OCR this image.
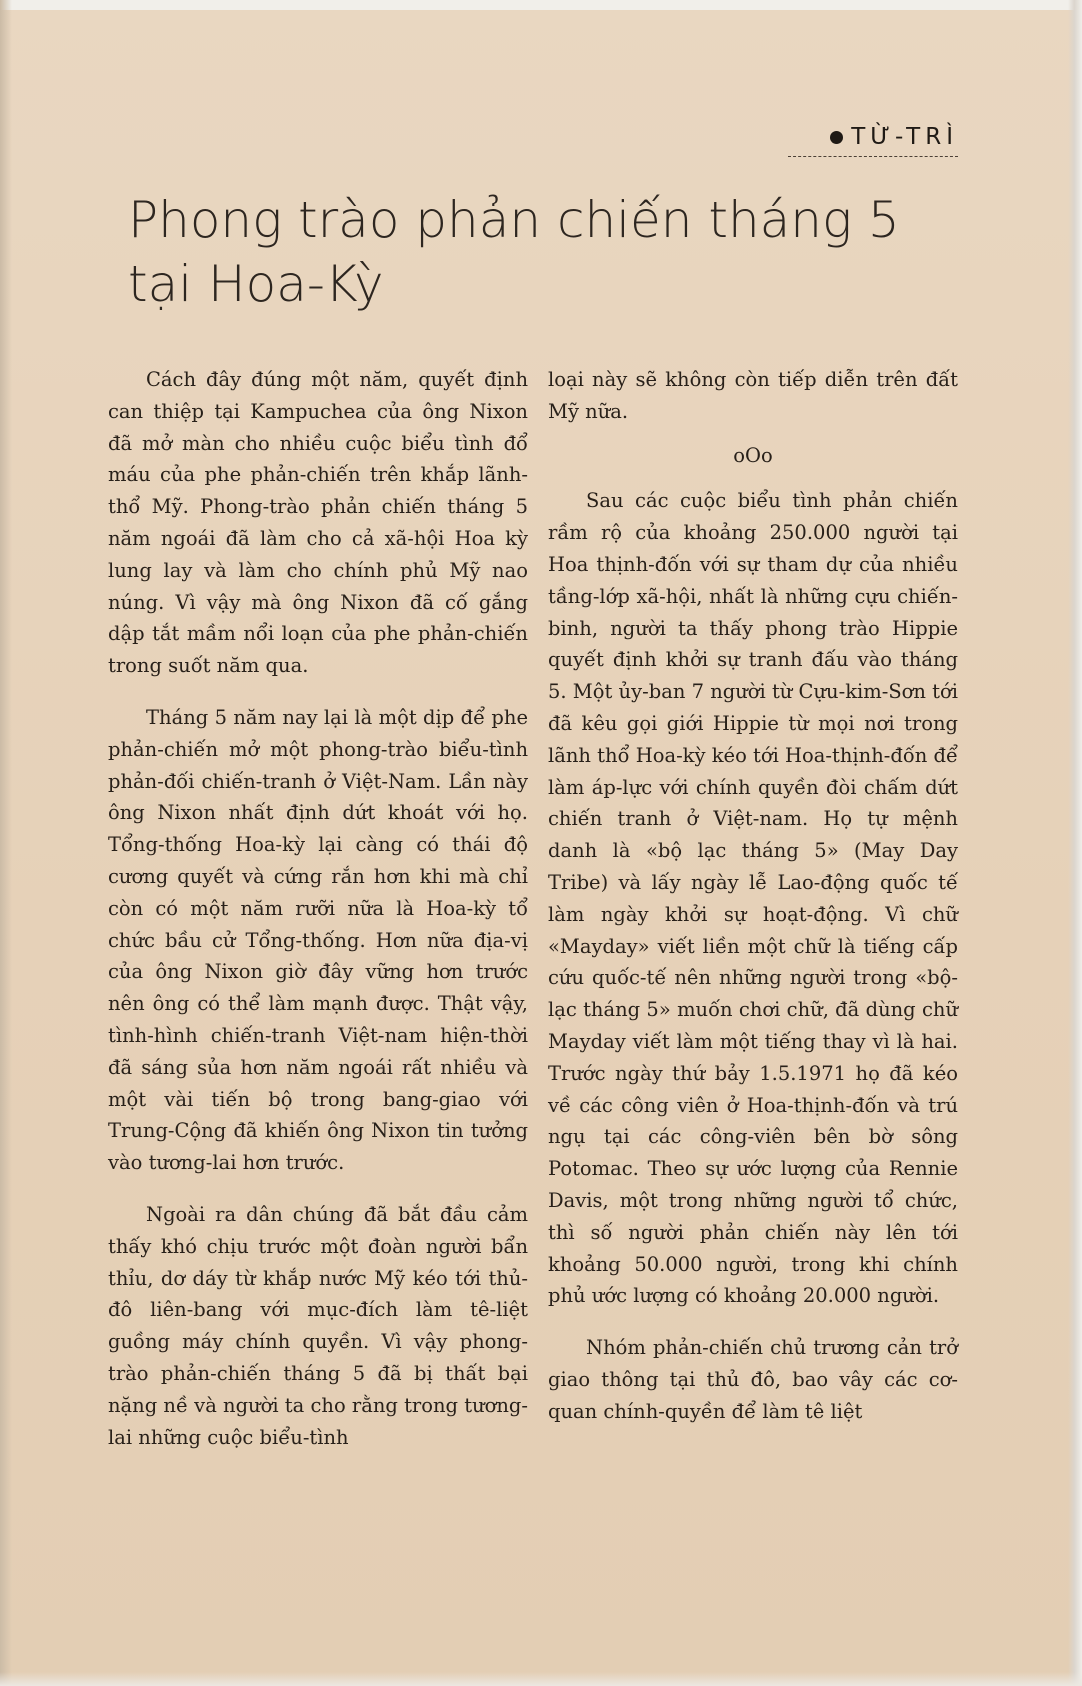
TỪ-TRÌ
Phong trào phản chiến tháng 5
tại Hoa-Kỳ

Cách đây đúng một năm, quyết định can thiệp tại Kampuchea của ông Nixon đã mở màn cho nhiều cuộc biểu tình đổ máu của phe phản-chiến trên khắp lãnh-thổ Mỹ. Phong-trào phản chiến tháng 5 năm ngoái đã làm cho cả xã-hội Hoa kỳ lung lay và làm cho chính phủ Mỹ nao núng. Vì vậy mà ông Nixon đã cố gắng dập tắt mầm nổi loạn của phe phản-chiến trong suốt năm qua.

Tháng 5 năm nay lại là một dịp để phe phản-chiến mở một phong-trào biểu-tình phản-đối chiến-tranh ở Việt-Nam. Lần này ông Nixon nhất định dứt khoát với họ. Tổng-thống Hoa-kỳ lại càng có thái độ cương quyết và cứng rắn hơn khi mà chỉ còn có một năm rưỡi nữa là Hoa-kỳ tổ chức bầu cử Tổng-thống. Hơn nữa địa-vị của ông Nixon giờ đây vững hơn trước nên ông có thể làm mạnh được. Thật vậy, tình-hình chiến-tranh Việt-nam hiện-thời đã sáng sủa hơn năm ngoái rất nhiều và một vài tiến bộ trong bang-giao với Trung-Cộng đã khiến ông Nixon tin tưởng vào tương-lai hơn trước.

Ngoài ra dân chúng đã bắt đầu cảm thấy khó chịu trước một đoàn người bẩn thỉu, dơ dáy từ khắp nước Mỹ kéo tới thủ-đô liên-bang với mục-đích làm tê-liệt guồng máy chính quyền. Vì vậy phong-trào phản-chiến tháng 5 đã bị thất bại nặng nề và người ta cho rằng trong tương-lai những cuộc biểu-tình

loại này sẽ không còn tiếp diễn trên đất Mỹ nữa.

oOo

Sau các cuộc biểu tình phản chiến rầm rộ của khoảng 250.000 người tại Hoa thịnh-đốn với sự tham dự của nhiều tầng-lớp xã-hội, nhất là những cựu chiến-binh, người ta thấy phong trào Hippie quyết định khởi sự tranh đấu vào tháng 5. Một ủy-ban 7 người từ Cựu-kim-Sơn tới đã kêu gọi giới Hippie từ mọi nơi trong lãnh thổ Hoa-kỳ kéo tới Hoa-thịnh-đốn để làm áp-lực với chính quyền đòi chấm dứt chiến tranh ở Việt-nam. Họ tự mệnh danh là «bộ lạc tháng 5» (May Day Tribe) và lấy ngày lễ Lao-động quốc tế làm ngày khởi sự hoạt-động. Vì chữ «Mayday» viết liền một chữ là tiếng cấp cứu quốc-tế nên những người trong «bộ-lạc tháng 5» muốn chơi chữ, đã dùng chữ Mayday viết làm một tiếng thay vì là hai. Trước ngày thứ bảy 1.5.1971 họ đã kéo về các công viên ở Hoa-thịnh-đốn và trú ngụ tại các công-viên bên bờ sông Potomac. Theo sự ước lượng của Rennie Davis, một trong những người tổ chức, thì số người phản chiến này lên tới khoảng 50.000 người, trong khi chính phủ ước lượng có khoảng 20.000 người.

Nhóm phản-chiến chủ trương cản trở giao thông tại thủ đô, bao vây các cơ-quan chính-quyền để làm tê liệt
